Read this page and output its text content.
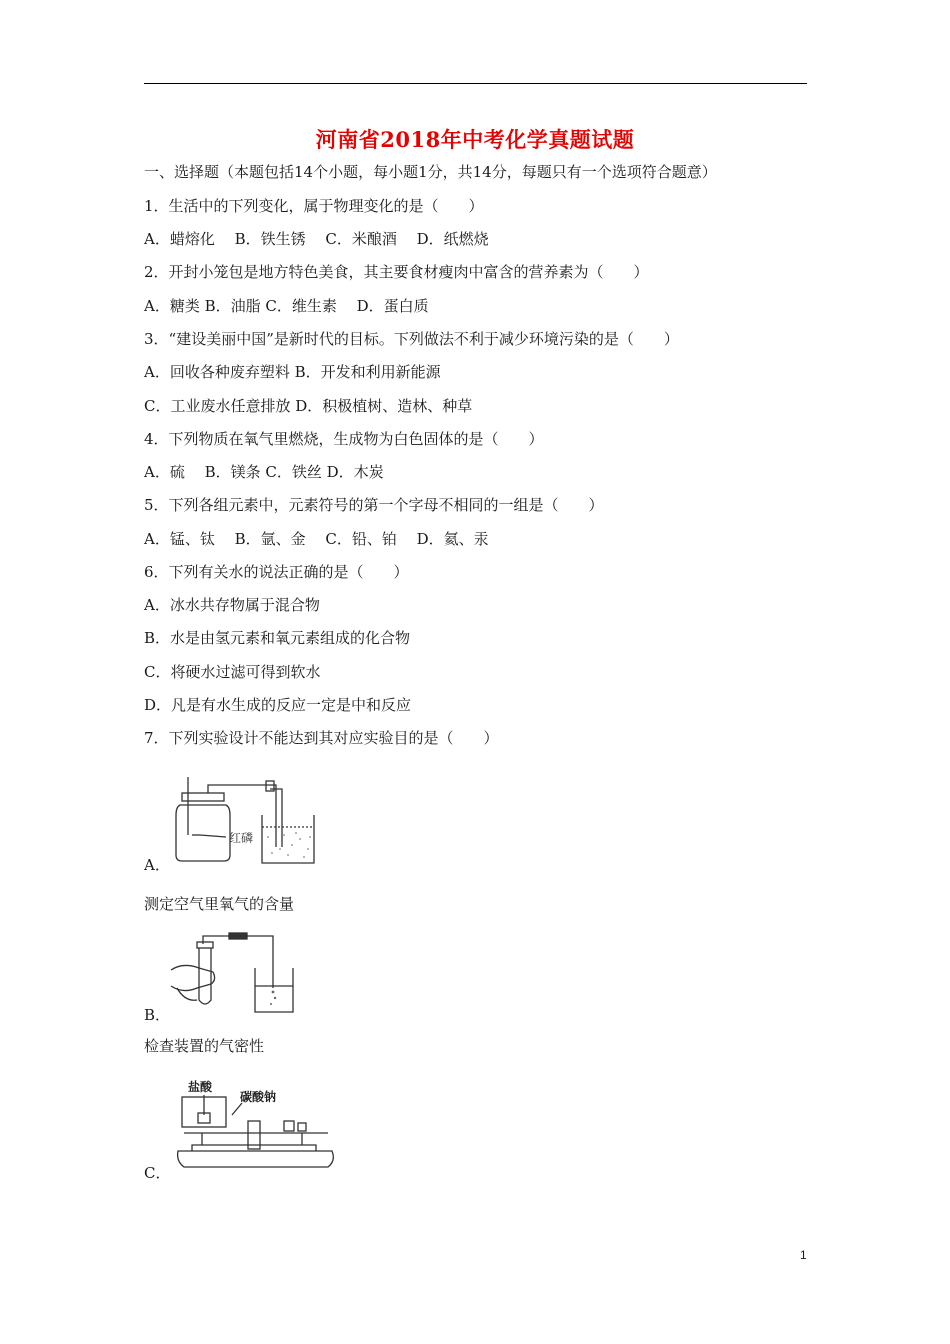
河南省2018年中考化学真题试题
一、选择题（本题包括14个小题，每小题1分，共14分，每题只有一个选项符合题意）
1．生活中的下列变化，属于物理变化的是（　　）
A．蜡熔化　 B．铁生锈　 C．米酿酒　 D．纸燃烧
2．开封小笼包是地方特色美食，其主要食材瘦肉中富含的营养素为（　　）
A．糖类 B．油脂 C．维生素　 D．蛋白质
3．“建设美丽中国”是新时代的目标。下列做法不利于减少环境污染的是（　　）
A．回收各种废弃塑料 B．开发和利用新能源
C．工业废水任意排放 D．积极植树、造林、种草
4．下列物质在氧气里燃烧，生成物为白色固体的是（　　）
A．硫　 B．镁条 C．铁丝 D．木炭
5．下列各组元素中，元素符号的第一个字母不相同的一组是（　　）
A．锰、钛　 B．氩、金　 C．铅、铂　 D．氦、汞
6．下列有关水的说法正确的是（　　）
A．冰水共存物属于混合物
B．水是由氢元素和氧元素组成的化合物
C．将硬水过滤可得到软水
D．凡是有水生成的反应一定是中和反应
7．下列实验设计不能达到其对应实验目的是（　　）
红磷
A．
测定空气里氧气的含量
B．
检查装置的气密性
盐酸
碳酸钠
C．
1
